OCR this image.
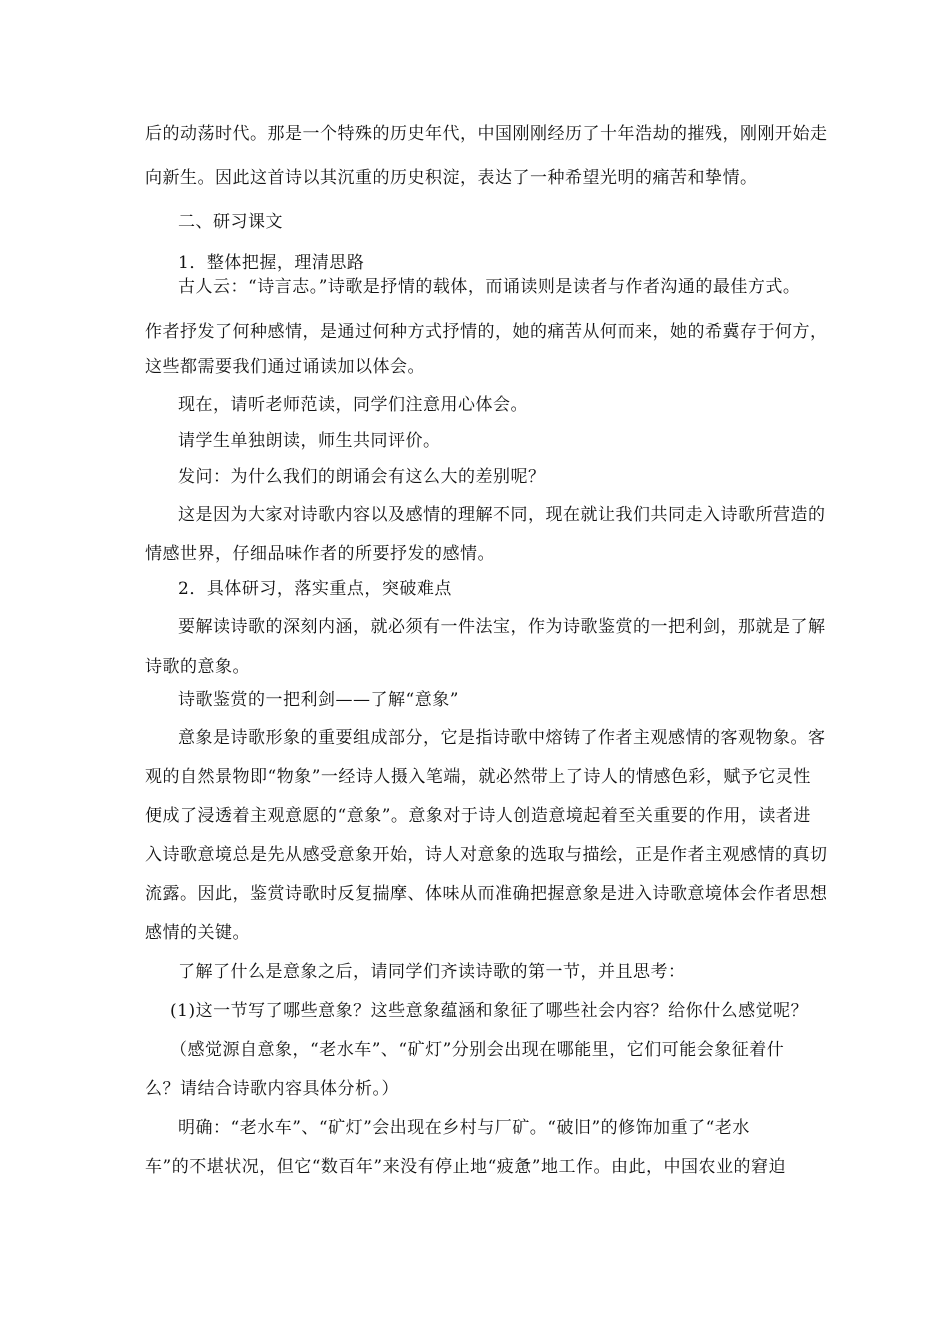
后的动荡时代。那是一个特殊的历史年代，中国刚刚经历了十年浩劫的摧残，刚刚开始走
向新生。因此这首诗以其沉重的历史积淀，表达了一种希望光明的痛苦和挚情。
二、研习课文
1．整体把握，理清思路
古人云：“诗言志。”诗歌是抒情的载体，而诵读则是读者与作者沟通的最佳方式。
作者抒发了何种感情，是通过何种方式抒情的，她的痛苦从何而来，她的希冀存于何方，
这些都需要我们通过诵读加以体会。
现在，请听老师范读，同学们注意用心体会。
请学生单独朗读，师生共同评价。
发问：为什么我们的朗诵会有这么大的差别呢？
这是因为大家对诗歌内容以及感情的理解不同，现在就让我们共同走入诗歌所营造的
情感世界，仔细品味作者的所要抒发的感情。
2．具体研习，落实重点，突破难点
要解读诗歌的深刻内涵，就必须有一件法宝，作为诗歌鉴赏的一把利剑，那就是了解
诗歌的意象。
诗歌鉴赏的一把利剑——了解“意象”
意象是诗歌形象的重要组成部分，它是指诗歌中熔铸了作者主观感情的客观物象。客
观的自然景物即“物象”一经诗人摄入笔端，就必然带上了诗人的情感色彩，赋予它灵性
便成了浸透着主观意愿的“意象”。意象对于诗人创造意境起着至关重要的作用，读者进
入诗歌意境总是先从感受意象开始，诗人对意象的选取与描绘，正是作者主观感情的真切
流露。因此，鉴赏诗歌时反复揣摩、体味从而准确把握意象是进入诗歌意境体会作者思想
感情的关键。
了解了什么是意象之后，请同学们齐读诗歌的第一节，并且思考：
(1)这一节写了哪些意象？这些意象蕴涵和象征了哪些社会内容？给你什么感觉呢？
（感觉源自意象，“老水车”、“矿灯”分别会出现在哪能里，它们可能会象征着什
么？请结合诗歌内容具体分析。）
明确：“老水车”、“矿灯”会出现在乡村与厂矿。“破旧”的修饰加重了“老水
车”的不堪状况，但它“数百年”来没有停止地“疲惫”地工作。由此，中国农业的窘迫
